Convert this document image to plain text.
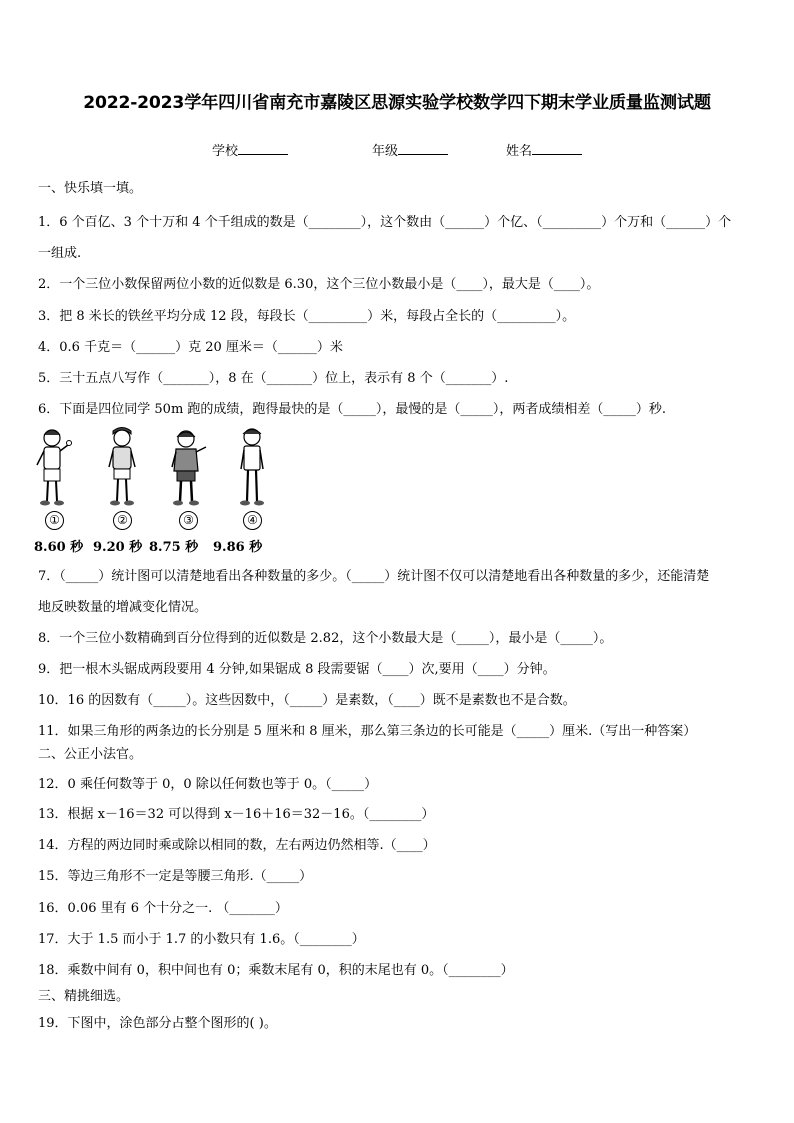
2022-2023学年四川省南充市嘉陵区思源实验学校数学四下期末学业质量监测试题
学校	年级	姓名
一、快乐填一填。
1．6 个百亿、3 个十万和 4 个千组成的数是（________），这个数由（______）个亿、（_________）个万和（______）个
一组成.
2．一个三位小数保留两位小数的近似数是 6.30，这个三位小数最小是（____），最大是（____）。
3．把 8 米长的铁丝平均分成 12 段，每段长（_________）米，每段占全长的（_________）。
4．0.6 千克＝（______）克 20 厘米＝（______）米
5．三十五点八写作（_______），8 在（_______）位上，表示有 8 个（_______）.
6．下面是四位同学 50m 跑的成绩，跑得最快的是（_____），最慢的是（_____），两者成绩相差（_____）秒.
①	②	③	④
8.60 秒 9.20 秒 8.75 秒 9.86 秒
7．（_____）统计图可以清楚地看出各种数量的多少。（_____）统计图不仅可以清楚地看出各种数量的多少，还能清楚
地反映数量的增减变化情况。
8．一个三位小数精确到百分位得到的近似数是 2.82，这个小数最大是（_____），最小是（_____）。
9．把一根木头锯成两段要用 4 分钟,如果锯成 8 段需要锯（____）次,要用（____）分钟。
10．16 的因数有（_____）。这些因数中，（_____）是素数，（____）既不是素数也不是合数。
11．如果三角形的两条边的长分别是 5 厘米和 8 厘米，那么第三条边的长可能是（_____）厘米.（写出一种答案）
二、公正小法官。
12．0 乘任何数等于 0，0 除以任何数也等于 0。（_____）
13．根据 x－16＝32 可以得到 x－16＋16＝32－16。（________）
14．方程的两边同时乘或除以相同的数，左右两边仍然相等.（____）
15．等边三角形不一定是等腰三角形.（_____）
16．0.06 里有 6 个十分之一. （_______）
17．大于 1.5 而小于 1.7 的小数只有 1.6。（________）
18．乘数中间有 0，积中间也有 0；乘数末尾有 0，积的末尾也有 0。（________）
三、精挑细选。
19．下图中，涂色部分占整个图形的( )。
